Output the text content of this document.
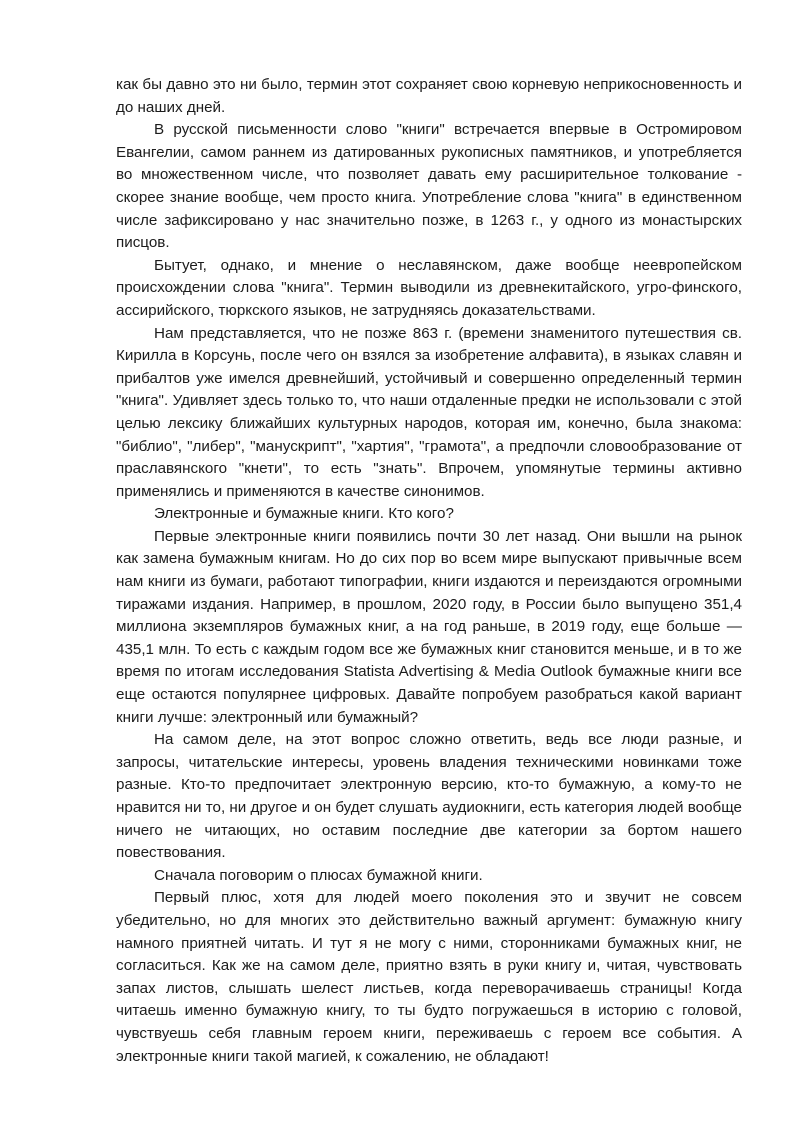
как бы давно это ни было, термин этот сохраняет свою корневую неприкосновенность и до наших дней.

В русской письменности слово "книги" встречается впервые в Остромировом Евангелии, самом раннем из датированных рукописных памятников, и употребляется во множественном числе, что позволяет давать ему расширительное толкование - скорее знание вообще, чем просто книга. Употребление слова "книга" в единственном числе зафиксировано у нас значительно позже, в 1263 г., у одного из монастырских писцов.

Бытует, однако, и мнение о неславянском, даже вообще неевропейском происхождении слова "книга". Термин выводили из древнекитайского, угро-финского, ассирийского, тюркского языков, не затрудняясь доказательствами.

Нам представляется, что не позже 863 г. (времени знаменитого путешествия св. Кирилла в Корсунь, после чего он взялся за изобретение алфавита), в языках славян и прибалтов уже имелся древнейший, устойчивый и совершенно определенный термин "книга". Удивляет здесь только то, что наши отдаленные предки не использовали с этой целью лексику ближайших культурных народов, которая им, конечно, была знакома: "библио", "либер", "манускрипт", "хартия", "грамота", а предпочли словообразование от праславянского "кнети", то есть "знать". Впрочем, упомянутые термины активно применялись и применяются в качестве синонимов.

Электронные и бумажные книги. Кто кого?

Первые электронные книги появились почти 30 лет назад. Они вышли на рынок как замена бумажным книгам. Но до сих пор во всем мире выпускают привычные всем нам книги из бумаги, работают типографии, книги издаются и переиздаются огромными тиражами издания. Например, в прошлом, 2020 году, в России было выпущено 351,4 миллиона экземпляров бумажных книг, а на год раньше, в 2019 году, еще больше — 435,1 млн. То есть с каждым годом все же бумажных книг становится меньше, и в то же время по итогам исследования Statista Advertising & Media Outlook бумажные книги все еще остаются популярнее цифровых. Давайте попробуем разобраться какой вариант книги лучше: электронный или бумажный?

На самом деле, на этот вопрос сложно ответить, ведь все люди разные, и запросы, читательские интересы, уровень владения техническими новинками тоже разные. Кто-то предпочитает электронную версию, кто-то бумажную, а кому-то не нравится ни то, ни другое и он будет слушать аудиокниги, есть категория людей вообще ничего не читающих, но оставим последние две категории за бортом нашего повествования.

Сначала поговорим о плюсах бумажной книги.

Первый плюс, хотя для людей моего поколения это и звучит не совсем убедительно, но для многих это действительно важный аргумент: бумажную книгу намного приятней читать. И тут я не могу с ними, сторонниками бумажных книг, не согласиться. Как же на самом деле, приятно взять в руки книгу и, читая, чувствовать запах листов, слышать шелест листьев, когда переворачиваешь страницы! Когда читаешь именно бумажную книгу, то ты будто погружаешься в историю с головой, чувствуешь себя главным героем книги, переживаешь с героем все события. А электронные книги такой магией, к сожалению, не обладают!
